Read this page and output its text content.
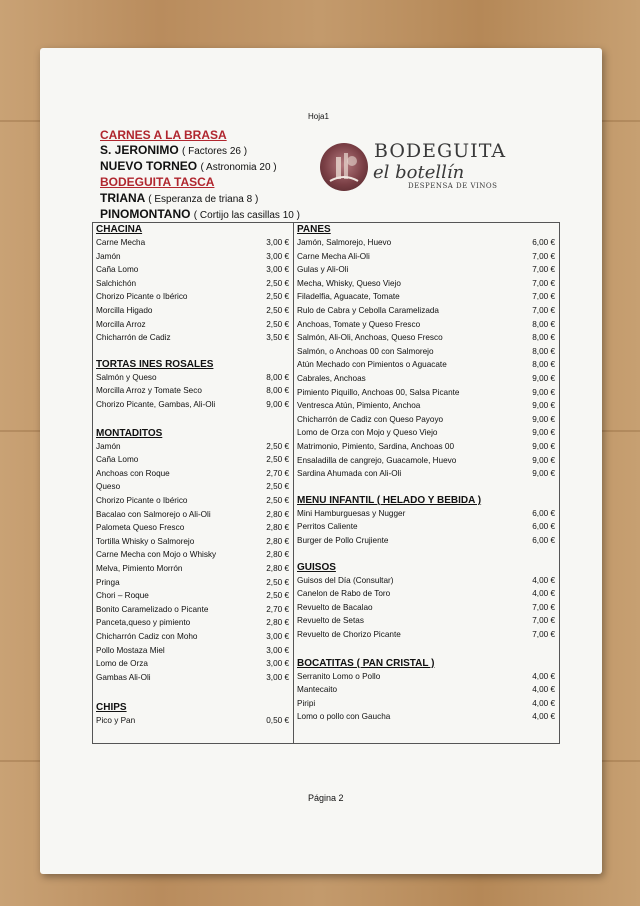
Hoja1
CARNES A LA BRASA
S. JERONIMO ( Factores 26 )
NUEVO TORNEO ( Astronomia 20 )
BODEGUITA TASCA
TRIANA ( Esperanza de triana 8 )
PINOMONTANO ( Cortijo las casillas 10 )
BODEGUITA
el botellín
DESPENSA DE VINOS
CHACINA
Carne Mecha	3,00 €
Jamón	3,00 €
Caña Lomo	3,00 €
Salchichón	2,50 €
Chorizo Picante o Ibérico	2,50 €
Morcilla Higado	2,50 €
Morcilla Arroz	2,50 €
Chicharrón de Cadiz	3,50 €
TORTAS INES ROSALES
Salmón y Queso	8,00 €
Morcilla Arroz y Tomate Seco	8,00 €
Chorizo Picante, Gambas, Ali-Oli	9,00 €
MONTADITOS
Jamón	2,50 €
Caña Lomo	2,50 €
Anchoas con Roque	2,70 €
Queso	2,50 €
Chorizo Picante o Ibérico	2,50 €
Bacalao con Salmorejo o Ali-Oli	2,80 €
Palometa Queso Fresco	2,80 €
Tortilla Whisky o Salmorejo	2,80 €
Carne Mecha con Mojo o Whisky	2,80 €
Melva, Pimiento Morrón	2,80 €
Pringa	2,50 €
Chori – Roque	2,50 €
Bonito Caramelizado o Picante	2,70 €
Panceta,queso y pimiento	2,80 €
Chicharrón Cadiz con Moho	3,00 €
Pollo Mostaza Miel	3,00 €
Lomo de Orza	3,00 €
Gambas Ali-Oli	3,00 €
CHIPS
Pico y Pan	0,50 €
PANES
Jamón, Salmorejo, Huevo	6,00 €
Carne Mecha Ali-Oli	7,00 €
Gulas y Ali-Oli	7,00 €
Mecha, Whisky, Queso Viejo	7,00 €
Filadelfia, Aguacate, Tomate	7,00 €
Rulo de Cabra y Cebolla Caramelizada	7,00 €
Anchoas, Tomate y Queso Fresco	8,00 €
Salmón, Ali-Oli, Anchoas, Queso Fresco	8,00 €
Salmón, o Anchoas 00 con Salmorejo	8,00 €
Atún Mechado con Pimientos o Aguacate	8,00 €
Cabrales, Anchoas	9,00 €
Pimiento Piquillo, Anchoas 00, Salsa Picante	9,00 €
Ventresca Atún, Pimiento, Anchoa	9,00 €
Chicharrón de Cadiz con Queso Payoyo	9,00 €
Lomo de Orza con Mojo y Queso Viejo	9,00 €
Matrimonio, Pimiento, Sardina, Anchoas 00	9,00 €
Ensaladilla de cangrejo, Guacamole, Huevo	9,00 €
Sardina Ahumada con Ali-Oli	9,00 €
MENU INFANTIL ( HELADO Y BEBIDA )
Mini Hamburguesas y Nugger	6,00 €
Perritos Caliente	6,00 €
Burger de Pollo Crujiente	6,00 €
GUISOS
Guisos del Día (Consultar)	4,00 €
Canelon de Rabo de Toro	4,00 €
Revuelto de Bacalao	7,00 €
Revuelto de Setas	7,00 €
Revuelto de Chorizo Picante	7,00 €
BOCATITAS ( PAN CRISTAL )
Serranito Lomo o Pollo	4,00 €
Mantecaito	4,00 €
Piripi	4,00 €
Lomo o pollo con Gaucha	4,00 €
Página 2
